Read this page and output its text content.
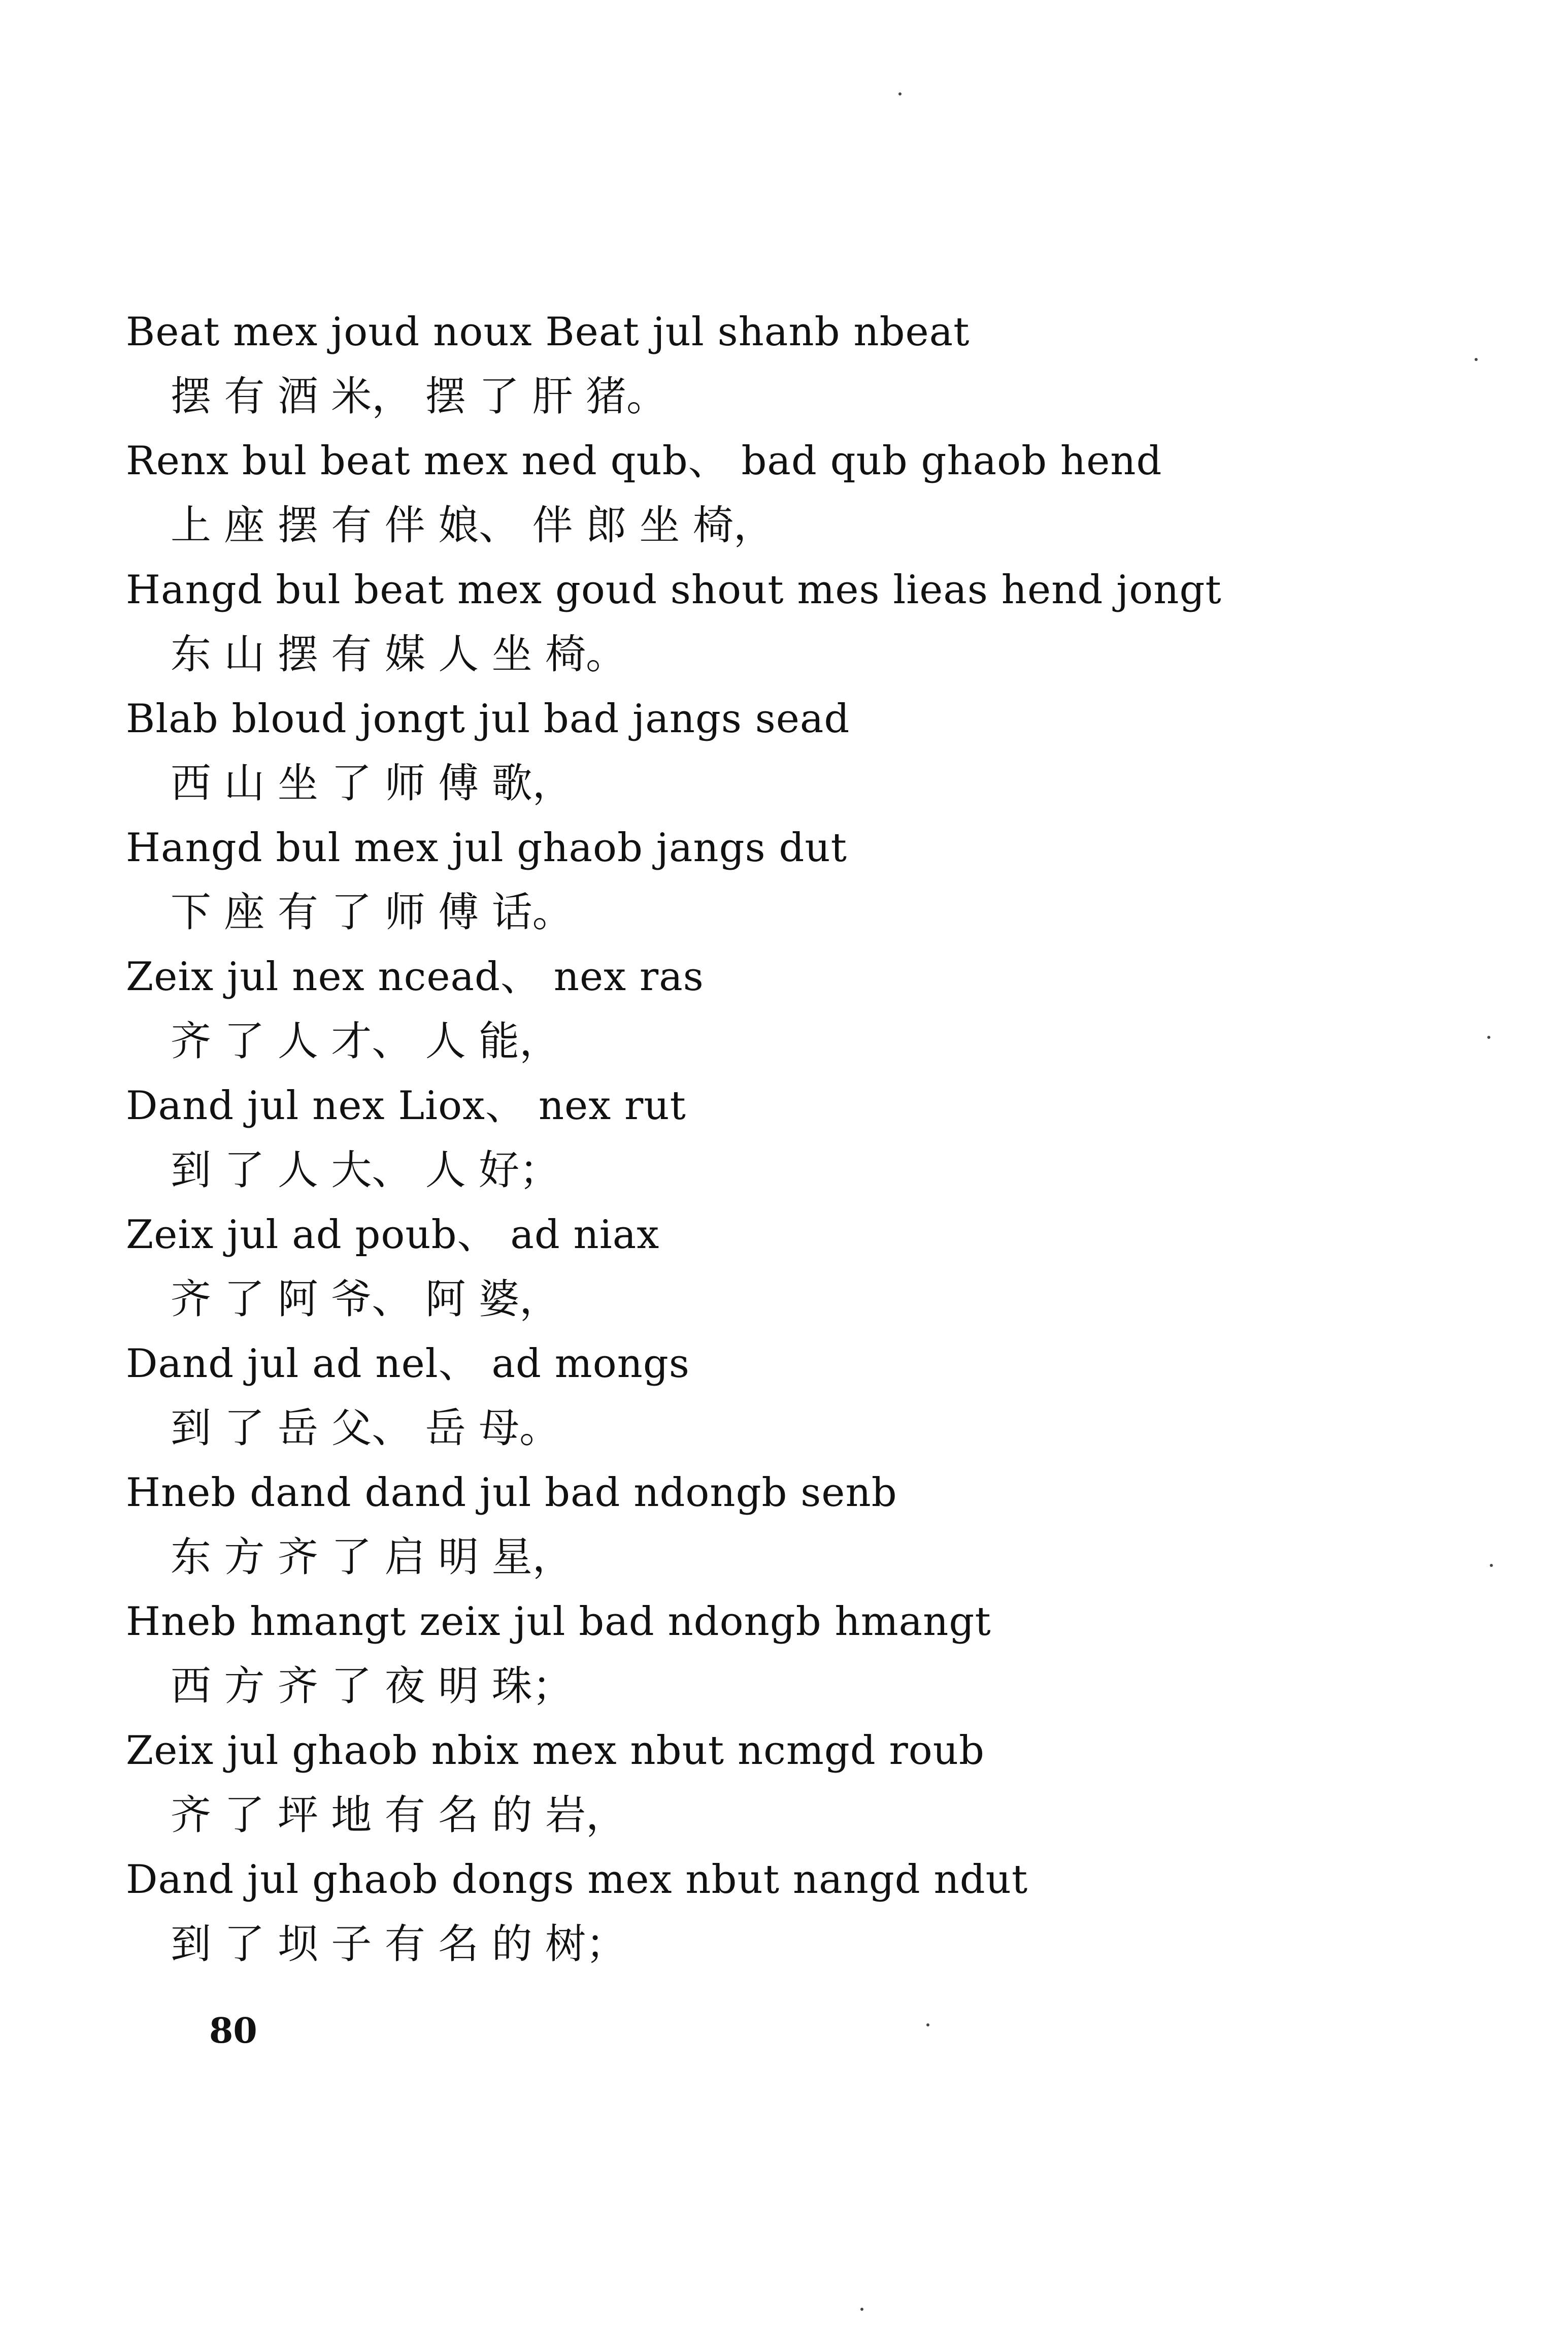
Beat mex joud noux Beat jul shanb nbeat
摆 有 酒 米， 摆 了 肝 猪。
Renx bul beat mex ned qub、 bad qub ghaob hend
上 座 摆 有 伴 娘、 伴 郎 坐 椅，
Hangd bul beat mex goud shout mes lieas hend jongt
东 山 摆 有 媒 人 坐 椅。
Blab bloud jongt jul bad jangs sead
西 山 坐 了 师 傅 歌，
Hangd bul mex jul ghaob jangs dut
下 座 有 了 师 傅 话。
Zeix jul nex ncead、 nex ras
齐 了 人 才、 人 能，
Dand jul nex Liox、 nex rut
到 了 人 大、 人 好；
Zeix jul ad poub、 ad niax
齐 了 阿 爷、 阿 婆，
Dand jul ad nel、 ad mongs
到 了 岳 父、 岳 母。
Hneb dand dand jul bad ndongb senb
东 方 齐 了 启 明 星，
Hneb hmangt zeix jul bad ndongb hmangt
西 方 齐 了 夜 明 珠；
Zeix jul ghaob nbix mex nbut ncmgd roub
齐 了 坪 地 有 名 的 岩，
Dand jul ghaob dongs mex nbut nangd ndut
到 了 坝 子 有 名 的 树；
80
